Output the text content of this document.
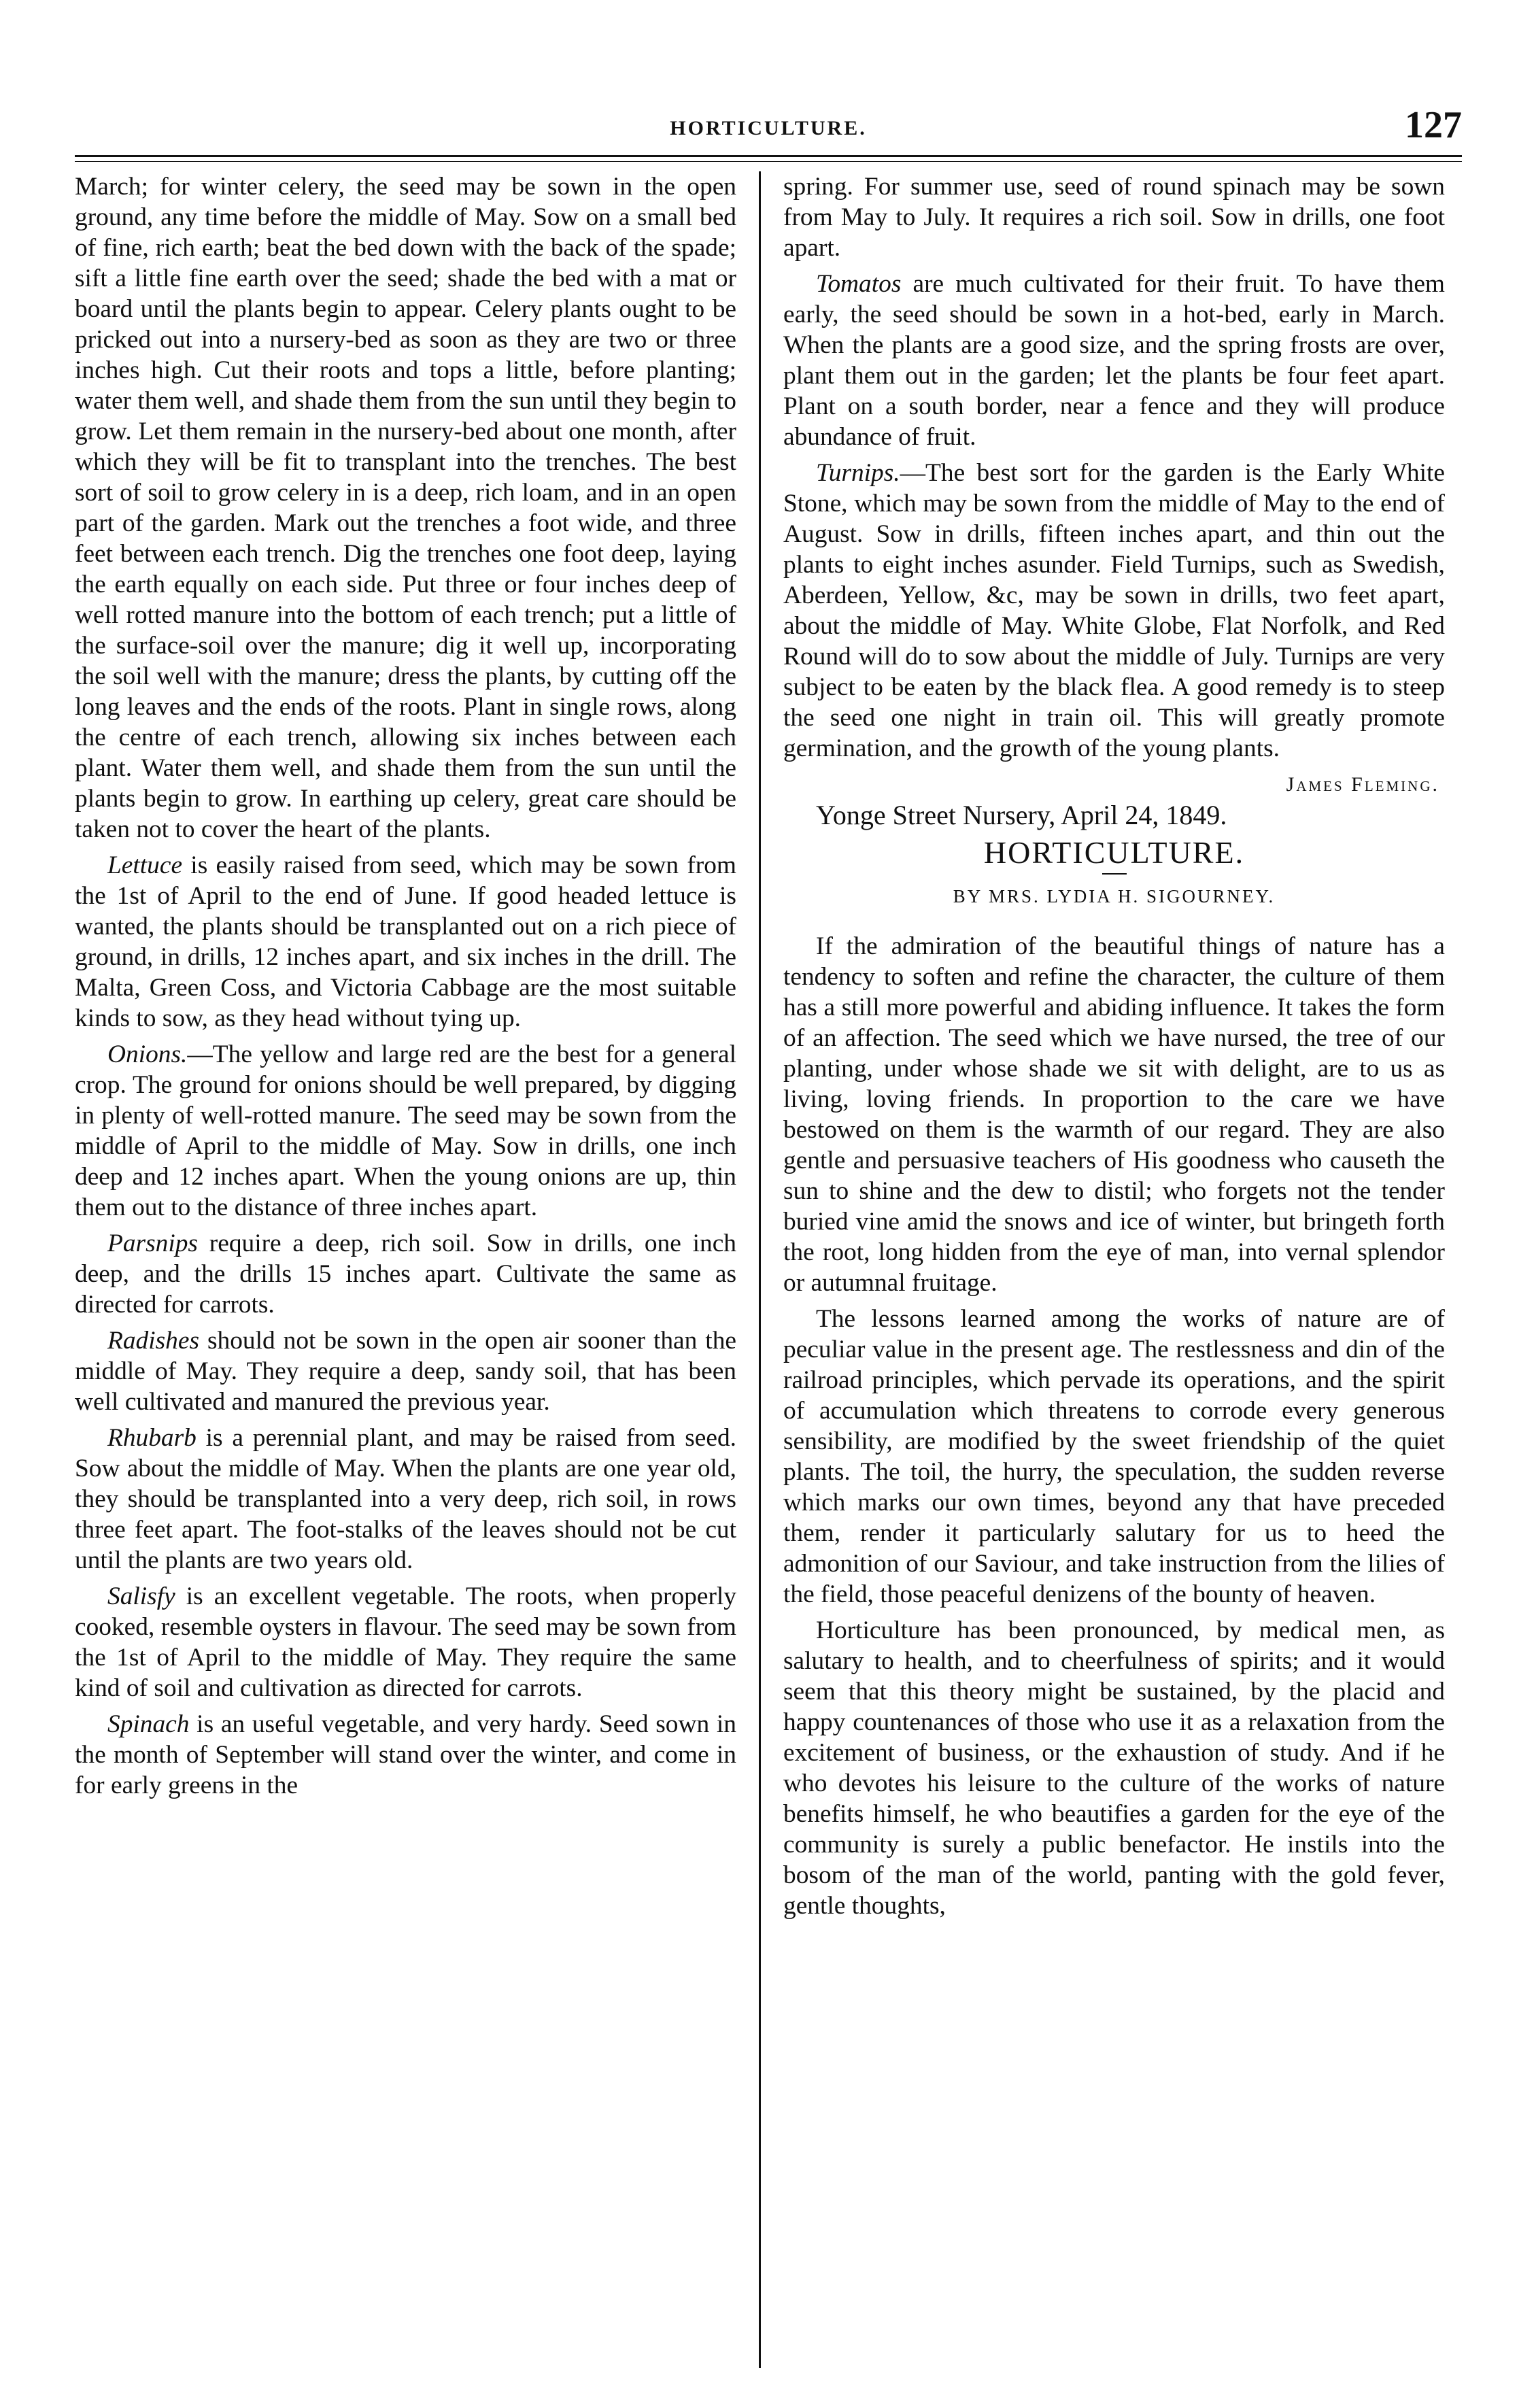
HORTICULTURE.	127

March; for winter celery, the seed may be sown in the open ground, any time before the middle of May. Sow on a small bed of fine, rich earth; beat the bed down with the back of the spade; sift a little fine earth over the seed; shade the bed with a mat or board until the plants begin to appear. Celery plants ought to be pricked out into a nursery-bed as soon as they are two or three inches high. Cut their roots and tops a little, before planting; water them well, and shade them from the sun until they begin to grow. Let them remain in the nursery-bed about one month, after which they will be fit to transplant into the trenches. The best sort of soil to grow celery in is a deep, rich loam, and in an open part of the garden. Mark out the trenches a foot wide, and three feet between each trench. Dig the trenches one foot deep, laying the earth equally on each side. Put three or four inches deep of well rotted manure into the bottom of each trench; put a little of the surface-soil over the manure; dig it well up, incorporating the soil well with the manure; dress the plants, by cutting off the long leaves and the ends of the roots. Plant in single rows, along the centre of each trench, allowing six inches between each plant. Water them well, and shade them from the sun until the plants begin to grow. In earthing up celery, great care should be taken not to cover the heart of the plants.

Lettuce is easily raised from seed, which may be sown from the 1st of April to the end of June. If good headed lettuce is wanted, the plants should be transplanted out on a rich piece of ground, in drills, 12 inches apart, and six inches in the drill. The Malta, Green Coss, and Victoria Cabbage are the most suitable kinds to sow, as they head without tying up.

Onions.—The yellow and large red are the best for a general crop. The ground for onions should be well prepared, by digging in plenty of well-rotted manure. The seed may be sown from the middle of April to the middle of May. Sow in drills, one inch deep and 12 inches apart. When the young onions are up, thin them out to the distance of three inches apart.

Parsnips require a deep, rich soil. Sow in drills, one inch deep, and the drills 15 inches apart. Cultivate the same as directed for carrots.

Radishes should not be sown in the open air sooner than the middle of May. They require a deep, sandy soil, that has been well cultivated and manured the previous year.

Rhubarb is a perennial plant, and may be raised from seed. Sow about the middle of May. When the plants are one year old, they should be transplanted into a very deep, rich soil, in rows three feet apart. The foot-stalks of the leaves should not be cut until the plants are two years old.

Salisfy is an excellent vegetable. The roots, when properly cooked, resemble oysters in flavour. The seed may be sown from the 1st of April to the middle of May. They require the same kind of soil and cultivation as directed for carrots.

Spinach is an useful vegetable, and very hardy. Seed sown in the month of September will stand over the winter, and come in for early greens in the

spring. For summer use, seed of round spinach may be sown from May to July. It requires a rich soil. Sow in drills, one foot apart.

Tomatos are much cultivated for their fruit. To have them early, the seed should be sown in a hot-bed, early in March. When the plants are a good size, and the spring frosts are over, plant them out in the garden; let the plants be four feet apart. Plant on a south border, near a fence and they will produce abundance of fruit.

Turnips.—The best sort for the garden is the Early White Stone, which may be sown from the middle of May to the end of August. Sow in drills, fifteen inches apart, and thin out the plants to eight inches asunder. Field Turnips, such as Swedish, Aberdeen, Yellow, &c, may be sown in drills, two feet apart, about the middle of May. White Globe, Flat Norfolk, and Red Round will do to sow about the middle of July. Turnips are very subject to be eaten by the black flea. A good remedy is to steep the seed one night in train oil. This will greatly promote germination, and the growth of the young plants.

James Fleming.

Yonge Street Nursery, April 24, 1849.

HORTICULTURE.
BY MRS. LYDIA H. SIGOURNEY.

If the admiration of the beautiful things of nature has a tendency to soften and refine the character, the culture of them has a still more powerful and abiding influence. It takes the form of an affection. The seed which we have nursed, the tree of our planting, under whose shade we sit with delight, are to us as living, loving friends. In proportion to the care we have bestowed on them is the warmth of our regard. They are also gentle and persuasive teachers of His goodness who causeth the sun to shine and the dew to distil; who forgets not the tender buried vine amid the snows and ice of winter, but bringeth forth the root, long hidden from the eye of man, into vernal splendor or autumnal fruitage.

The lessons learned among the works of nature are of peculiar value in the present age. The restlessness and din of the railroad principles, which pervade its operations, and the spirit of accumulation which threatens to corrode every generous sensibility, are modified by the sweet friendship of the quiet plants. The toil, the hurry, the speculation, the sudden reverse which marks our own times, beyond any that have preceded them, render it particularly salutary for us to heed the admonition of our Saviour, and take instruction from the lilies of the field, those peaceful denizens of the bounty of heaven.

Horticulture has been pronounced, by medical men, as salutary to health, and to cheerfulness of spirits; and it would seem that this theory might be sustained, by the placid and happy countenances of those who use it as a relaxation from the excitement of business, or the exhaustion of study. And if he who devotes his leisure to the culture of the works of nature benefits himself, he who beautifies a garden for the eye of the community is surely a public benefactor. He instils into the bosom of the man of the world, panting with the gold fever, gentle thoughts,
